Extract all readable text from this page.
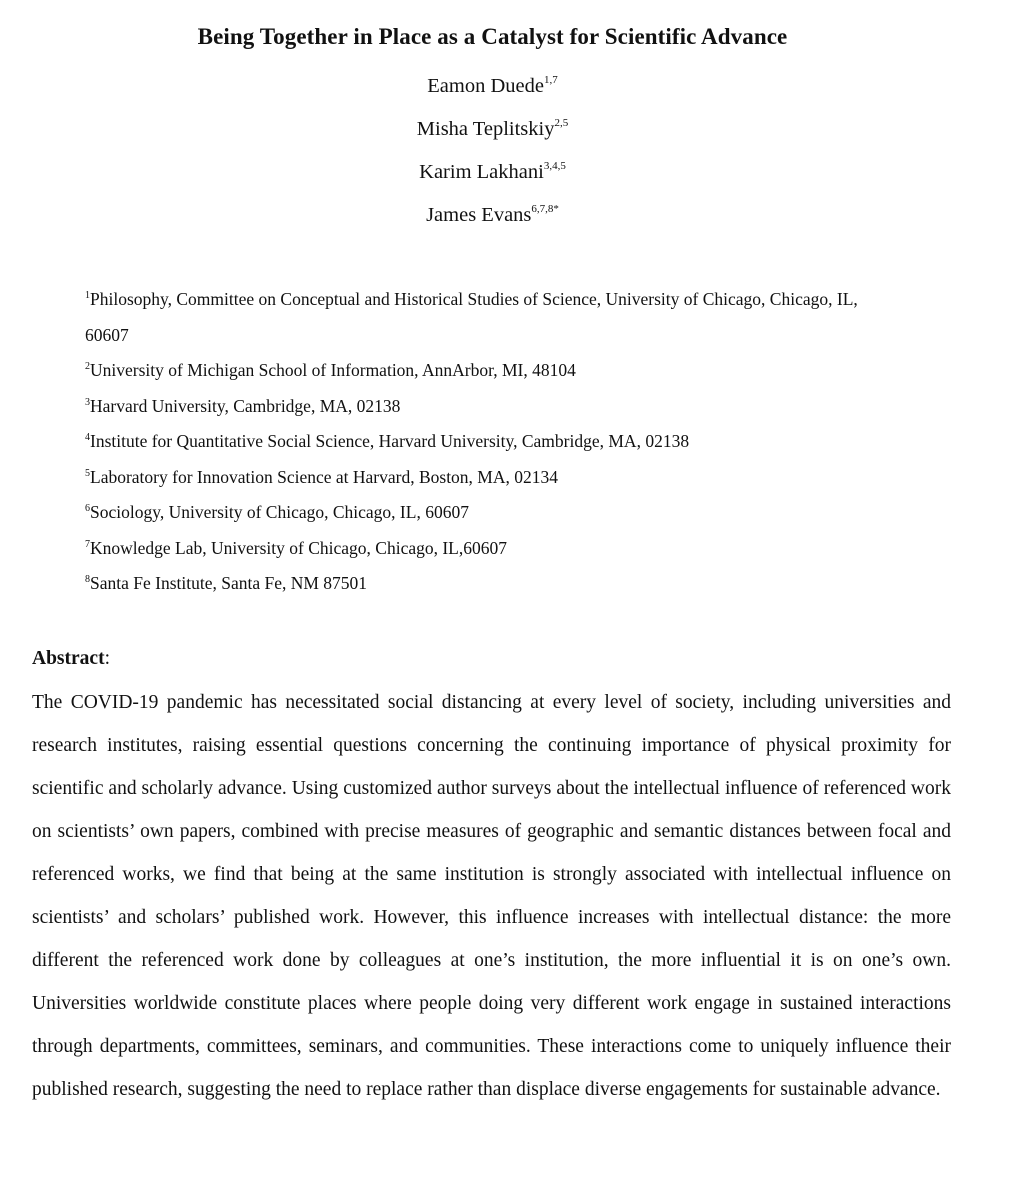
Being Together in Place as a Catalyst for Scientific Advance
Eamon Duede$^{1,7}$
Misha Teplitskiy$^{2,5}$
Karim Lakhani$^{3,4,5}$
James Evans$^{6,7,8*}$
$^1$Philosophy, Committee on Conceptual and Historical Studies of Science, University of Chicago, Chicago, IL,
60607
$^2$University of Michigan School of Information, AnnArbor, MI, 48104
$^3$Harvard University, Cambridge, MA, 02138
$^4$Institute for Quantitative Social Science, Harvard University, Cambridge, MA, 02138
$^5$Laboratory for Innovation Science at Harvard, Boston, MA, 02134
$^6$Sociology, University of Chicago, Chicago, IL, 60607
$^7$Knowledge Lab, University of Chicago, Chicago, IL,60607
$^8$Santa Fe Institute, Santa Fe, NM 87501
Abstract:

The COVID-19 pandemic has necessitated social distancing at every level of society, including universities and research institutes, raising essential questions concerning the continuing importance of physical proximity for scientific and scholarly advance. Using customized author surveys about the intellectual influence of referenced work on scientists’ own papers, combined with precise measures of geographic and semantic distances between focal and referenced works, we find that being at the same institution is strongly associated with intellectual influence on scientists’ and scholars’ published work. However, this influence increases with intellectual distance: the more different the referenced work done by colleagues at one’s institution, the more influential it is on one’s own. Universities worldwide constitute places where people doing very different work engage in sustained interactions through departments, committees, seminars, and communities. These interactions come to uniquely influence their published research, suggesting the need to replace rather than displace diverse engagements for sustainable advance.
